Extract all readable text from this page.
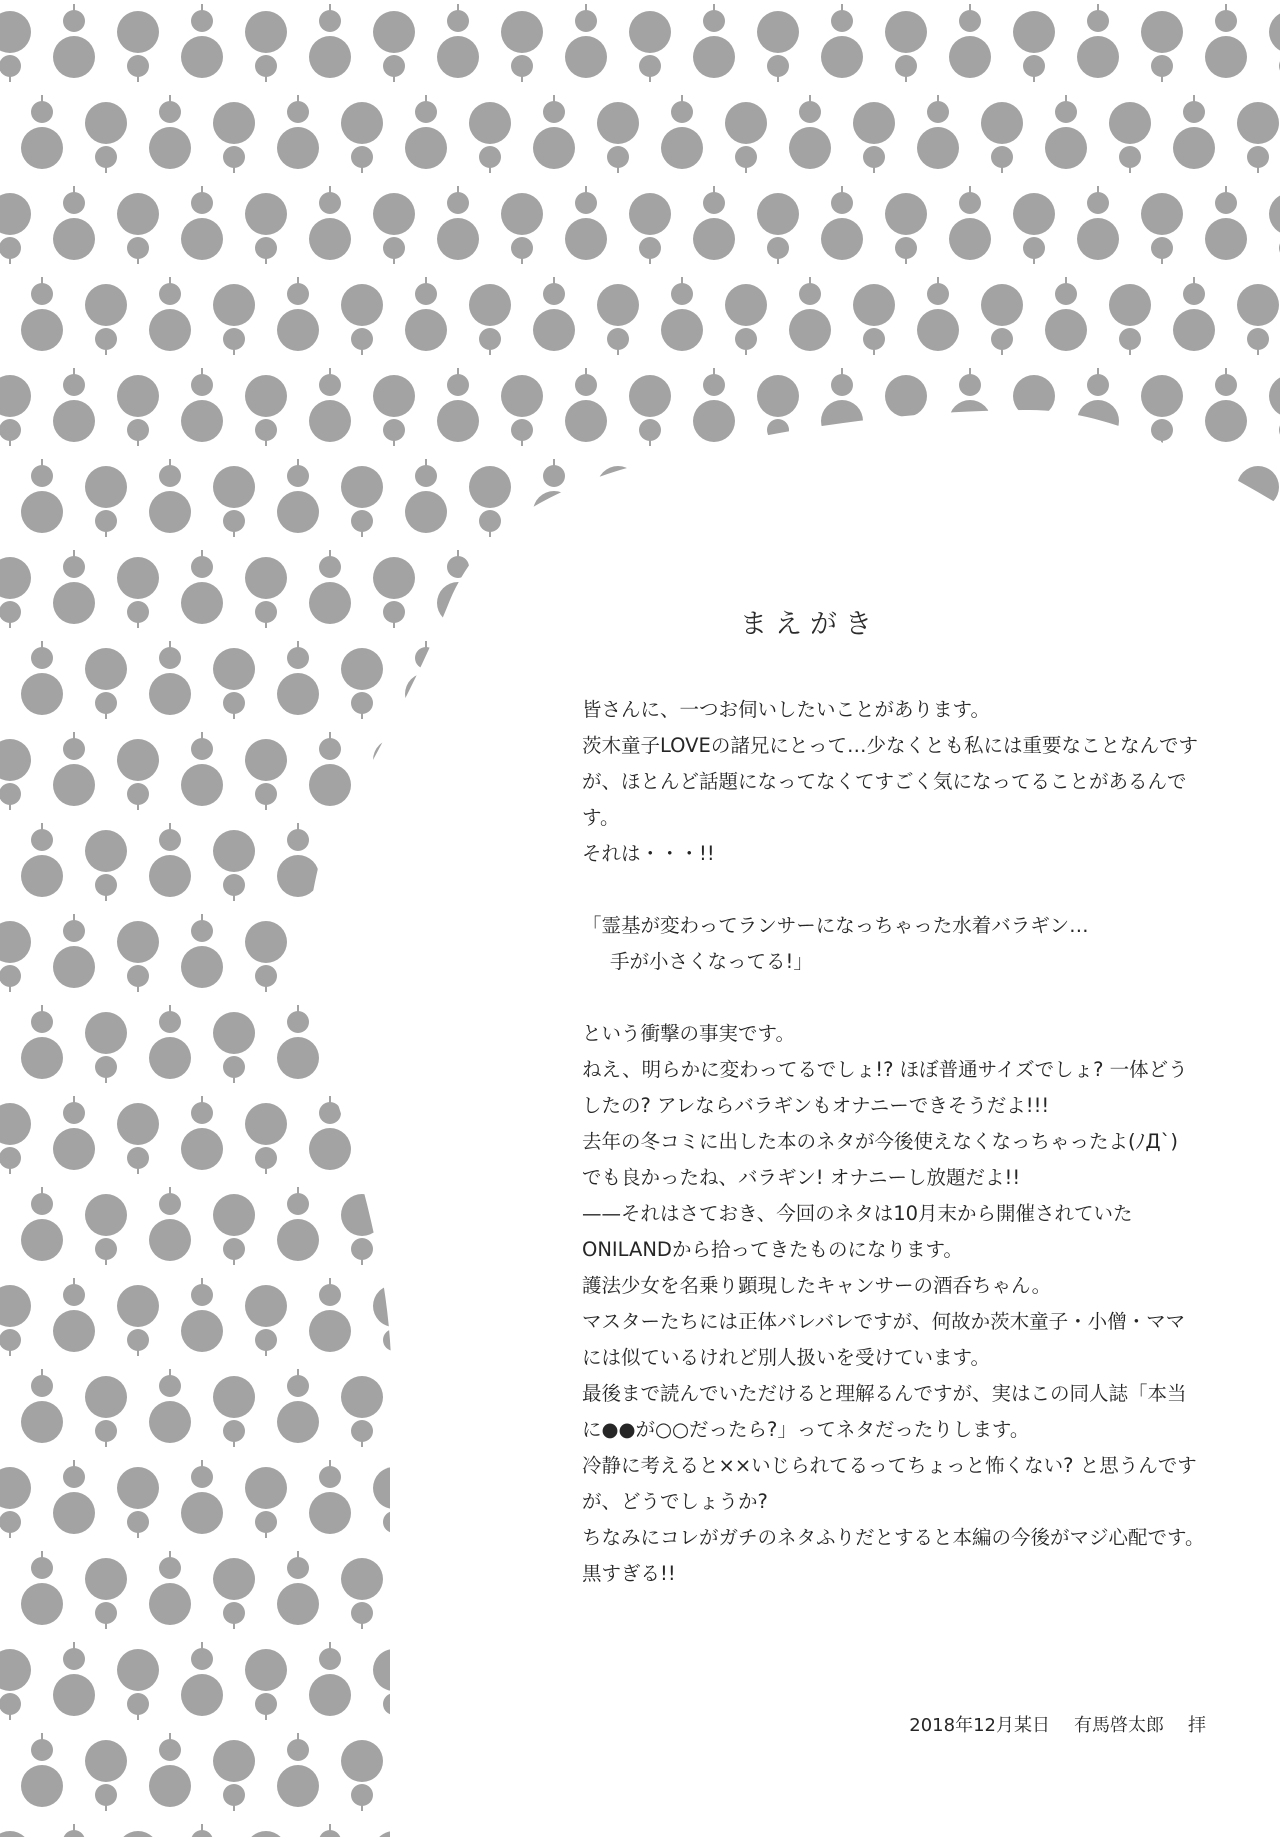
まえがき

皆さんに、一つお伺いしたいことがあります。

茨木童子LOVEの諸兄にとって…少なくとも私には重要なことなんですが、ほとんど話題になってなくてすごく気になってることがあるんです。

それは・・・!!

「霊基が変わってランサーになっちゃった水着バラギン…

手が小さくなってる!」

という衝撃の事実です。

ねえ、明らかに変わってるでしょ!? ほぼ普通サイズでしょ? 一体どうしたの? アレならバラギンもオナニーできそうだよ!!!

去年の冬コミに出した本のネタが今後使えなくなっちゃったよ(ﾉД`)

でも良かったね、バラギン! オナニーし放題だよ!!

——それはさておき、今回のネタは10月末から開催されていたONILANDから拾ってきたものになります。

護法少女を名乗り顕現したキャンサーの酒呑ちゃん。

マスターたちには正体バレバレですが、何故か茨木童子・小僧・ママには似ているけれど別人扱いを受けています。

最後まで読んでいただけると理解るんですが、実はこの同人誌「本当に●●が○○だったら?」ってネタだったりします。

冷静に考えると××いじられてるってちょっと怖くない? と思うんですが、どうでしょうか?

ちなみにコレがガチのネタふりだとすると本編の今後がマジ心配です。

黒すぎる!!

2018年12月某日 有馬啓太郎 拝
